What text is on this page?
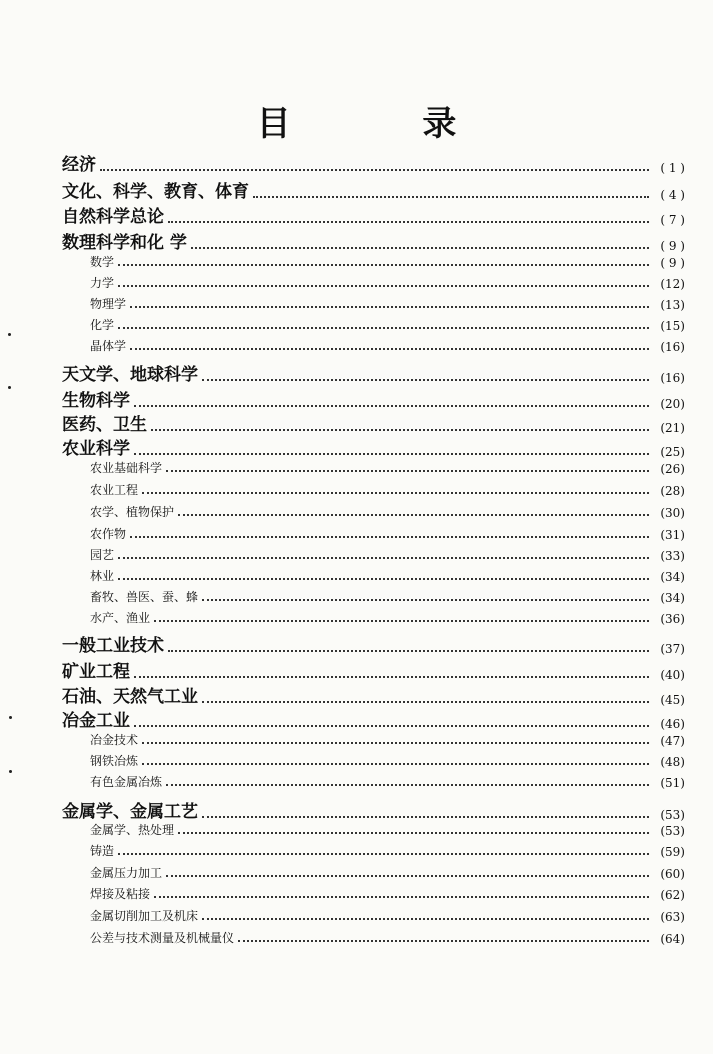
目 录
经济	( 1 )
文化、科学、教育、体育	( 4 )
自然科学总论	( 7 )
数理科学和化 学	( 9 )
数学	( 9 )
力学	(12)
物理学	(13)
化学	(15)
晶体学	(16)
天文学、地球科学	(16)
生物科学	(20)
医药、卫生	(21)
农业科学	(25)
农业基础科学	(26)
农业工程	(28)
农学、植物保护	(30)
农作物	(31)
园艺	(33)
林业	(34)
畜牧、兽医、蚕、蜂	(34)
水产、渔业	(36)
一般工业技术	(37)
矿业工程	(40)
石油、天然气工业	(45)
冶金工业	(46)
冶金技术	(47)
钢铁冶炼	(48)
有色金属冶炼	(51)
金属学、金属工艺	(53)
金属学、热处理	(53)
铸造	(59)
金属压力加工	(60)
焊接及粘接	(62)
金属切削加工及机床	(63)
公差与技术测量及机械量仪	(64)
